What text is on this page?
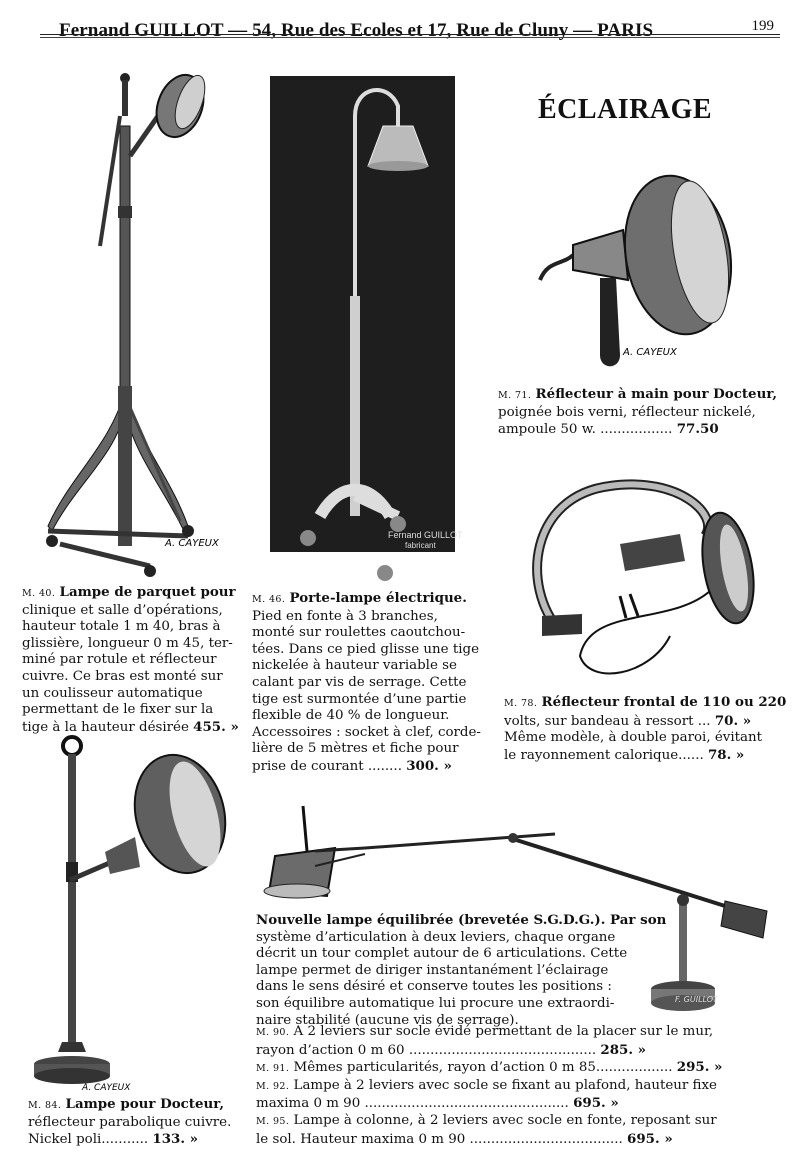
Fernand GUILLOT — 54, Rue des Ecoles et 17, Rue de Cluny — PARIS	199
ÉCLAIRAGE
A. CAYEUX
Fernand GUILLOT
fabricant
A. CAYEUX
A. CAYEUX
F. GUILLOT
M. 40. Lampe de parquet pour
clinique et salle d’opérations,
hauteur totale 1 m 40, bras à
glissière, longueur 0 m 45, ter-
miné par rotule et réflecteur
cuivre. Ce bras est monté sur
un coulisseur automatique
permettant de le fixer sur la
tige à la hauteur désirée 455. »
M. 46. Porte-lampe électrique.
Pied en fonte à 3 branches,
monté sur roulettes caoutchou-
tées. Dans ce pied glisse une tige
nickelée à hauteur variable se
calant par vis de serrage. Cette
tige est surmontée d’une partie
flexible de 40 % de longueur.
Accessoires : socket à clef, corde-
lière de 5 mètres et fiche pour
prise de courant ........ 300. »
M. 71. Réflecteur à main pour Docteur,
poignée bois verni, réflecteur nickelé,
ampoule 50 w. ................. 77.50
M. 78. Réflecteur frontal de 110 ou 220
volts, sur bandeau à ressort ... 70. »
Même modèle, à double paroi, évitant
le rayonnement calorique...... 78. »
M. 84. Lampe pour Docteur,
réflecteur parabolique cuivre.
Nickel poli........... 133. »
Nouvelle lampe équilibrée (brevetée S.G.D.G.). Par son
système d’articulation à deux leviers, chaque organe
décrit un tour complet autour de 6 articulations. Cette
lampe permet de diriger instantanément l’éclairage
dans le sens désiré et conserve toutes les positions :
son équilibre automatique lui procure une extraordi-
naire stabilité (aucune vis de serrage).
M. 90. A 2 leviers sur socle évidé permettant de la placer sur le mur,
rayon d’action 0 m 60 ............................................ 285. »
M. 91. Mêmes particularités, rayon d’action 0 m 85.................. 295. »
M. 92. Lampe à 2 leviers avec socle se fixant au plafond, hauteur fixe
maxima 0 m 90 ................................................ 695. »
M. 95. Lampe à colonne, à 2 leviers avec socle en fonte, reposant sur
le sol. Hauteur maxima 0 m 90 .................................... 695. »
